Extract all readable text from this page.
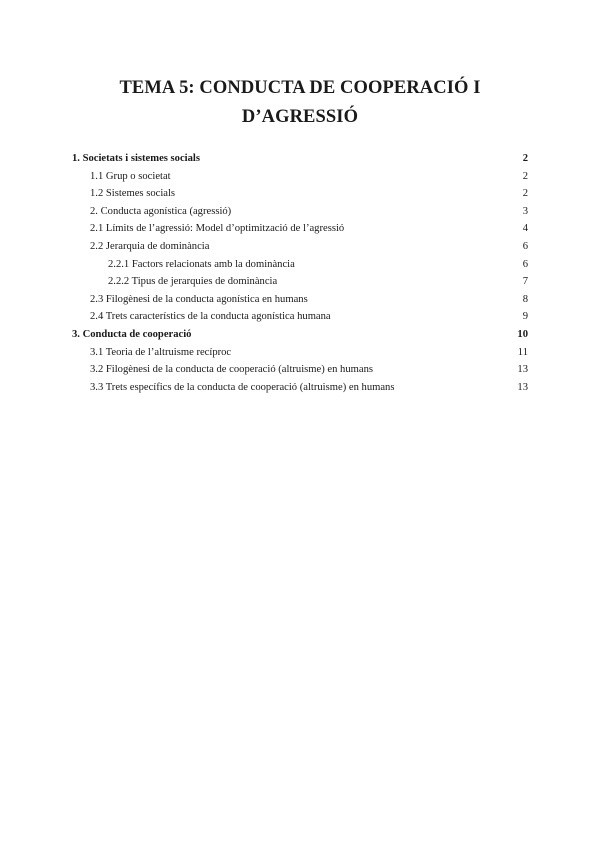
TEMA 5: CONDUCTA DE COOPERACIÓ I
D’AGRESSIÓ
1. Societats i sistemes socials	2
1.1 Grup o societat	2
1.2 Sistemes socials	2
2. Conducta agonística (agressió)	3
2.1 Límits de l’agressió: Model d’optimització de l’agressió	4
2.2 Jerarquia de dominància	6
2.2.1 Factors relacionats amb la dominància	6
2.2.2 Tipus de jerarquies de dominància	7
2.3 Filogènesi de la conducta agonística en humans	8
2.4 Trets característics de la conducta agonística humana	9
3. Conducta de cooperació	10
3.1 Teoria de l’altruisme recíproc	11
3.2 Filogènesi de la conducta de cooperació (altruisme) en humans	13
3.3 Trets específics de la conducta de cooperació (altruisme) en humans	13
